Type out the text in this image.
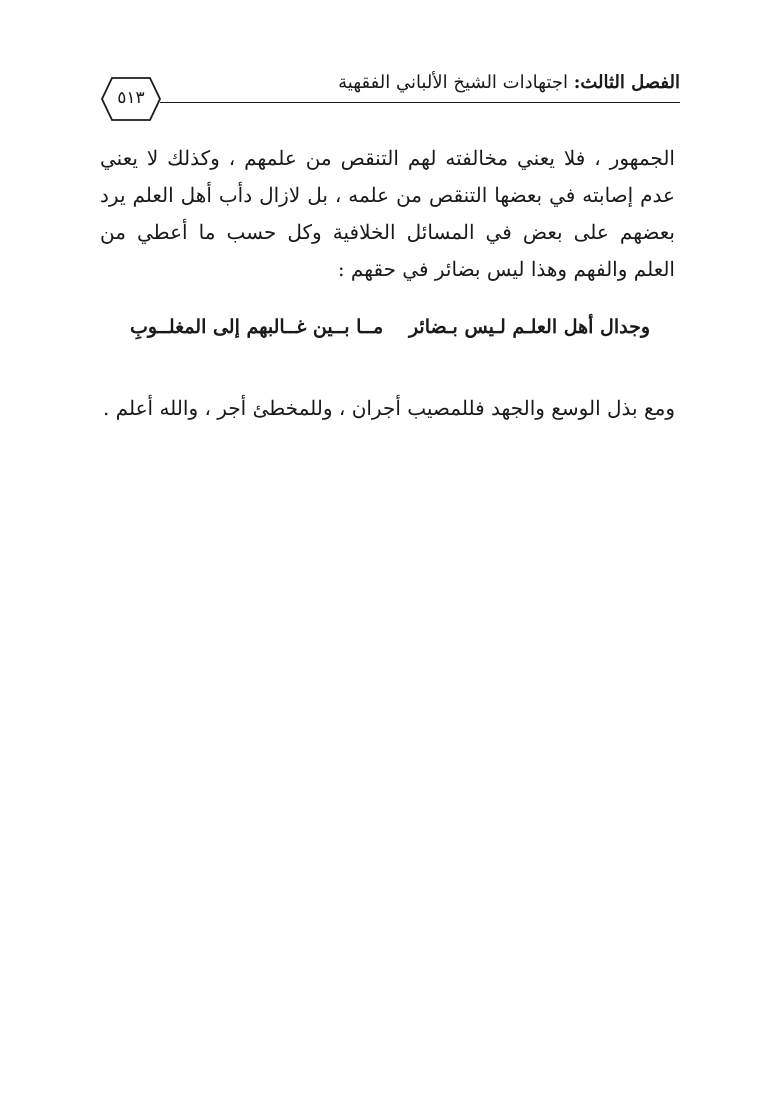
الفصل الثالث: اجتهادات الشيخ الألباني الفقهية
٥١٣
الجمهور ، فلا يعني مخالفته لهم التنقص من علمهم ، وكذلك لا يعني عدم إصابته في بعضها التنقص من علمه ، بل لازال دأب أهل العلم يرد بعضهم على بعض في المسائل الخلافية وكل حسب ما أعطي من العلم والفهم وهذا ليس بضائر في حقهم :
وجدال أهل العلـم لـيس بـضائر
مــا بــين غــالبهم إلى المغلــوبِ
ومع بذل الوسع والجهد فللمصيب أجران ، وللمخطئ أجر ، والله أعلم .
